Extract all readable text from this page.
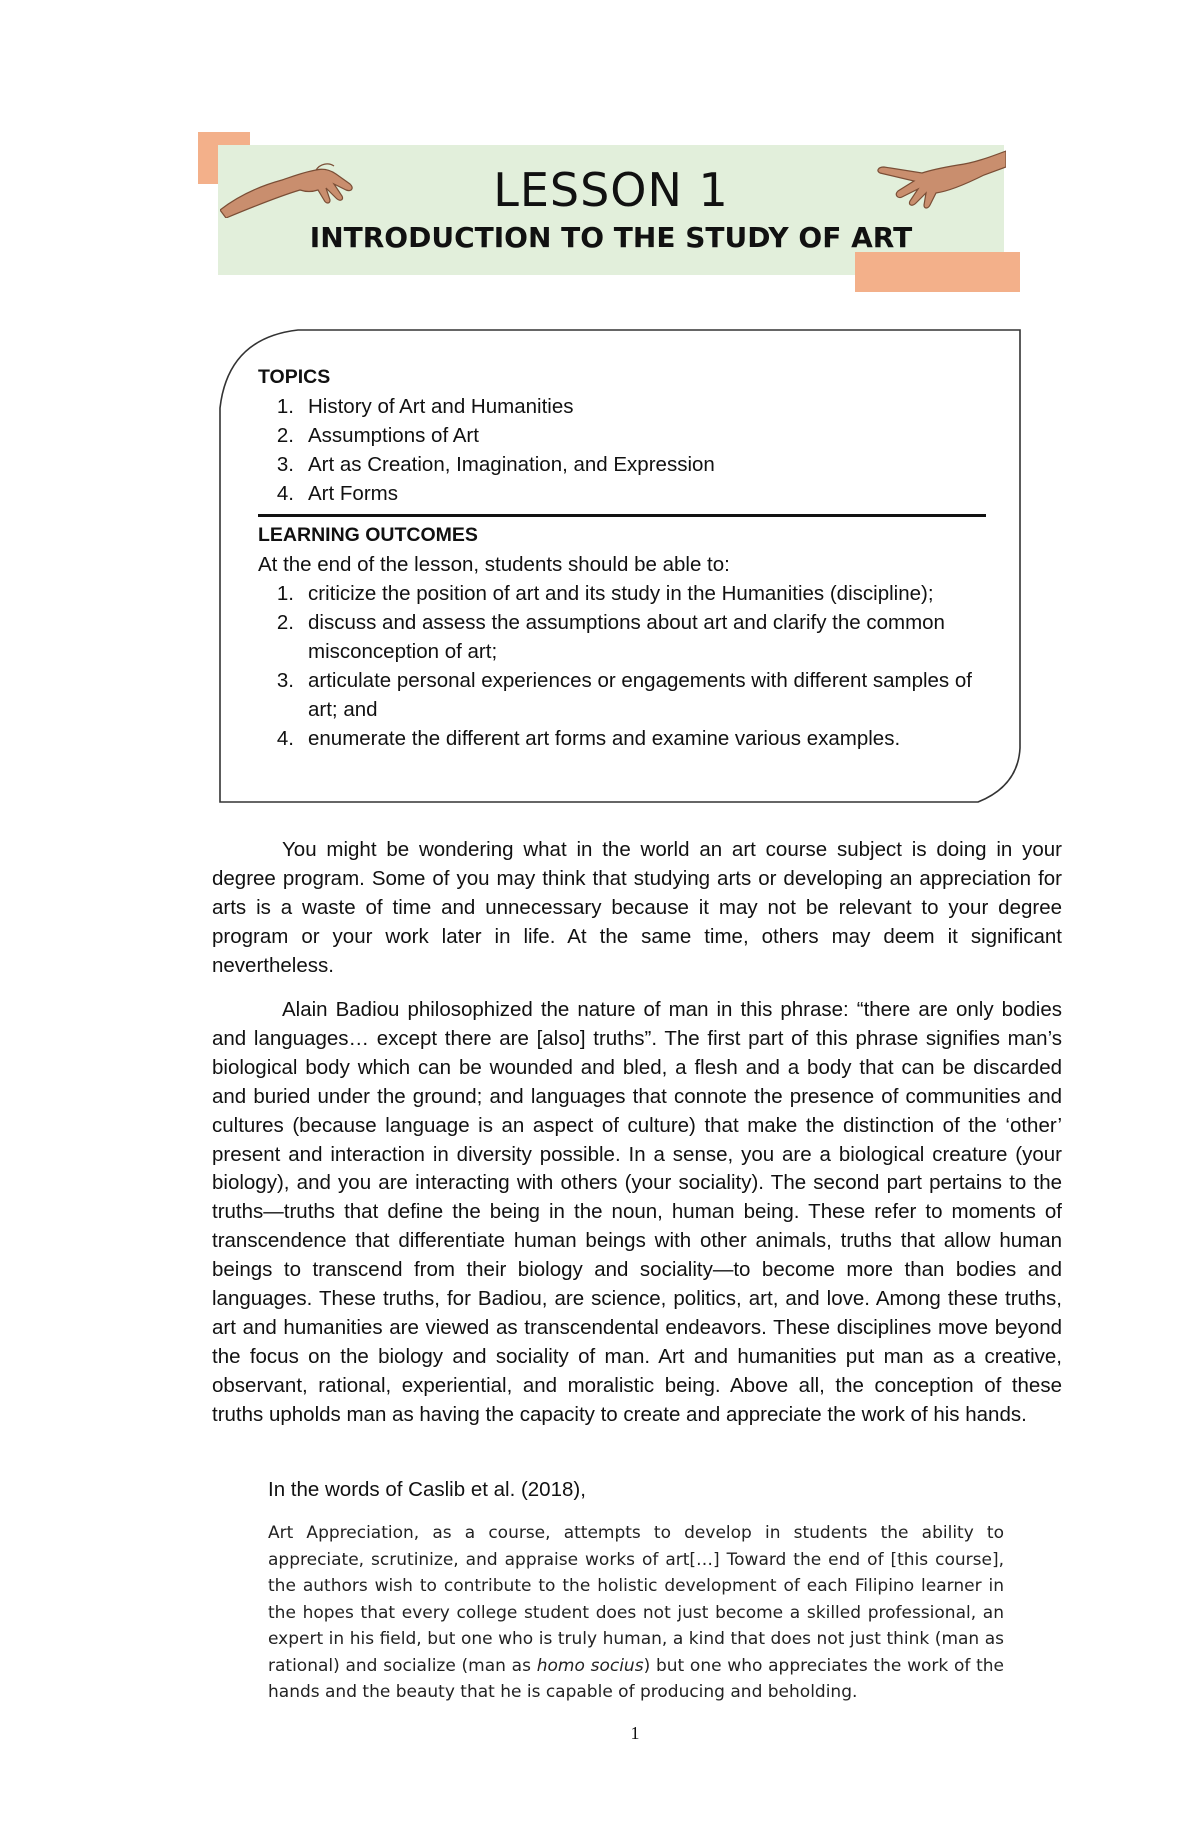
LESSON 1
INTRODUCTION TO THE STUDY OF ART
TOPICS
1. History of Art and Humanities
2. Assumptions of Art
3. Art as Creation, Imagination, and Expression
4. Art Forms
LEARNING OUTCOMES
At the end of the lesson, students should be able to:
1. criticize the position of art and its study in the Humanities (discipline);
2. discuss and assess the assumptions about art and clarify the common misconception of art;
3. articulate personal experiences or engagements with different samples of art; and
4. enumerate the different art forms and examine various examples.

You might be wondering what in the world an art course subject is doing in your degree program. Some of you may think that studying arts or developing an appreciation for arts is a waste of time and unnecessary because it may not be relevant to your degree program or your work later in life. At the same time, others may deem it significant nevertheless.

Alain Badiou philosophized the nature of man in this phrase: “there are only bodies and languages… except there are [also] truths”. The first part of this phrase signifies man’s biological body which can be wounded and bled, a flesh and a body that can be discarded and buried under the ground; and languages that connote the presence of communities and cultures (because language is an aspect of culture) that make the distinction of the ‘other’ present and interaction in diversity possible. In a sense, you are a biological creature (your biology), and you are interacting with others (your sociality). The second part pertains to the truths—truths that define the being in the noun, human being. These refer to moments of transcendence that differentiate human beings with other animals, truths that allow human beings to transcend from their biology and sociality—to become more than bodies and languages. These truths, for Badiou, are science, politics, art, and love. Among these truths, art and humanities are viewed as transcendental endeavors. These disciplines move beyond the focus on the biology and sociality of man. Art and humanities put man as a creative, observant, rational, experiential, and moralistic being. Above all, the conception of these truths upholds man as having the capacity to create and appreciate the work of his hands.

In the words of Caslib et al. (2018),
Art Appreciation, as a course, attempts to develop in students the ability to appreciate, scrutinize, and appraise works of art[…] Toward the end of [this course], the authors wish to contribute to the holistic development of each Filipino learner in the hopes that every college student does not just become a skilled professional, an expert in his field, but one who is truly human, a kind that does not just think (man as rational) and socialize (man as homo socius) but one who appreciates the work of the hands and the beauty that he is capable of producing and beholding.
1
